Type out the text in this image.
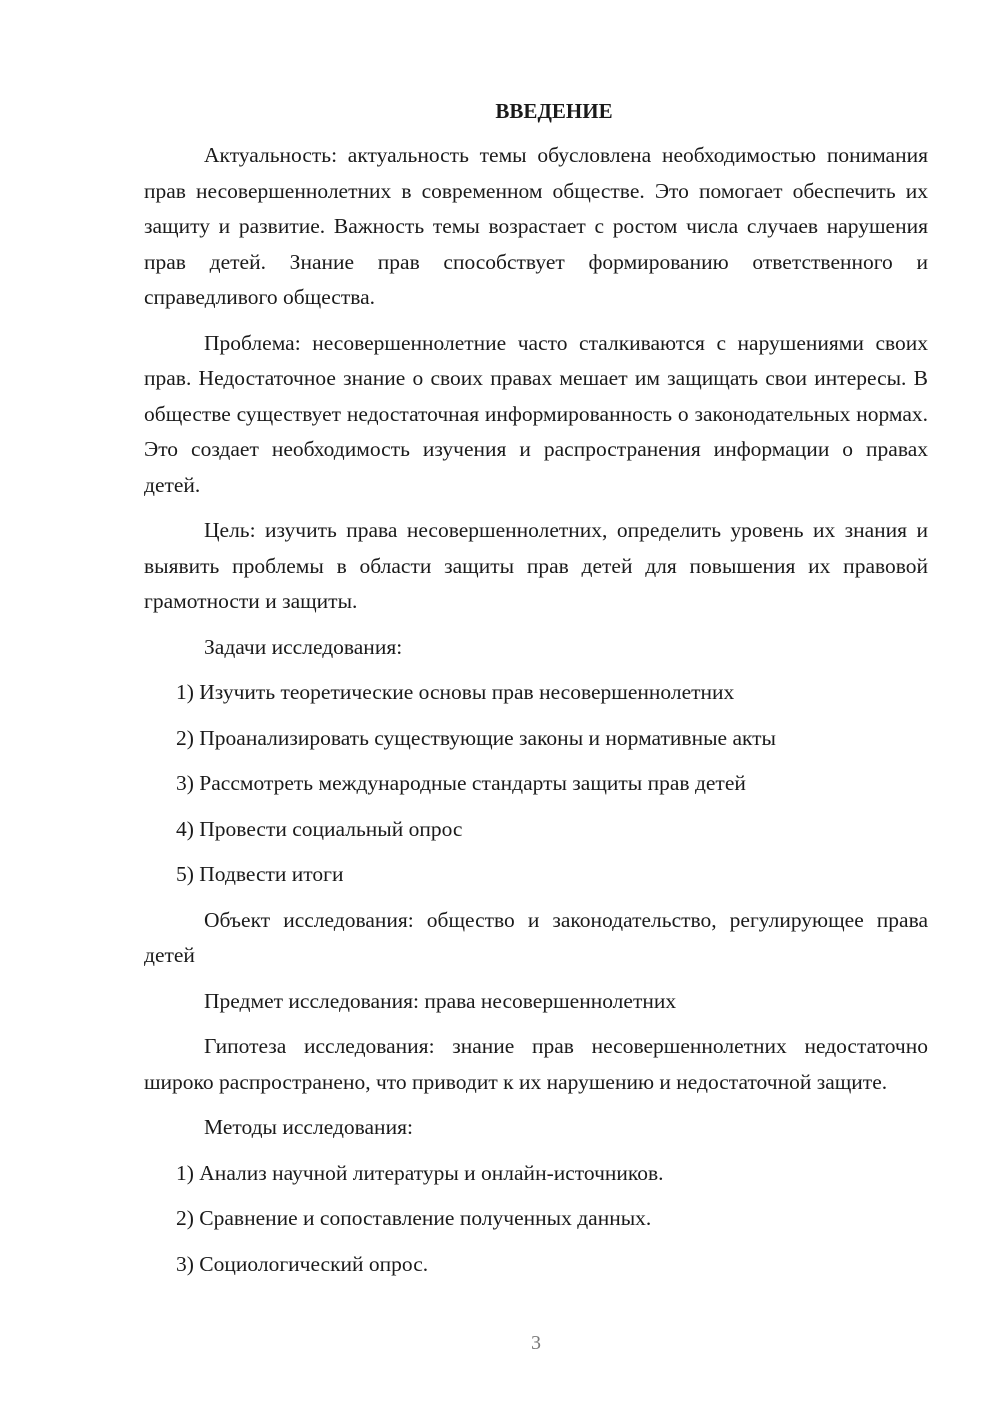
ВВЕДЕНИЕ
Актуальность: актуальность темы обусловлена необходимостью понимания прав несовершеннолетних в современном обществе. Это помогает обеспечить их защиту и развитие. Важность темы возрастает с ростом числа случаев нарушения прав детей. Знание прав способствует формированию ответственного и справедливого общества.
Проблема: несовершеннолетние часто сталкиваются с нарушениями своих прав. Недостаточное знание о своих правах мешает им защищать свои интересы. В обществе существует недостаточная информированность о законодательных нормах. Это создает необходимость изучения и распространения информации о правах детей.
Цель: изучить права несовершеннолетних, определить уровень их знания и выявить проблемы в области защиты прав детей для повышения их правовой грамотности и защиты.
Задачи исследования:
1) Изучить теоретические основы прав несовершеннолетних
2) Проанализировать существующие законы и нормативные акты
3) Рассмотреть международные стандарты защиты прав детей
4) Провести социальный опрос
5) Подвести итоги
Объект исследования: общество и законодательство, регулирующее права детей
Предмет исследования: права несовершеннолетних
Гипотеза исследования: знание прав несовершеннолетних недостаточно широко распространено, что приводит к их нарушению и недостаточной защите.
Методы исследования:
1) Анализ научной литературы и онлайн-источников.
2) Сравнение и сопоставление полученных данных.
3) Социологический опрос.
3
